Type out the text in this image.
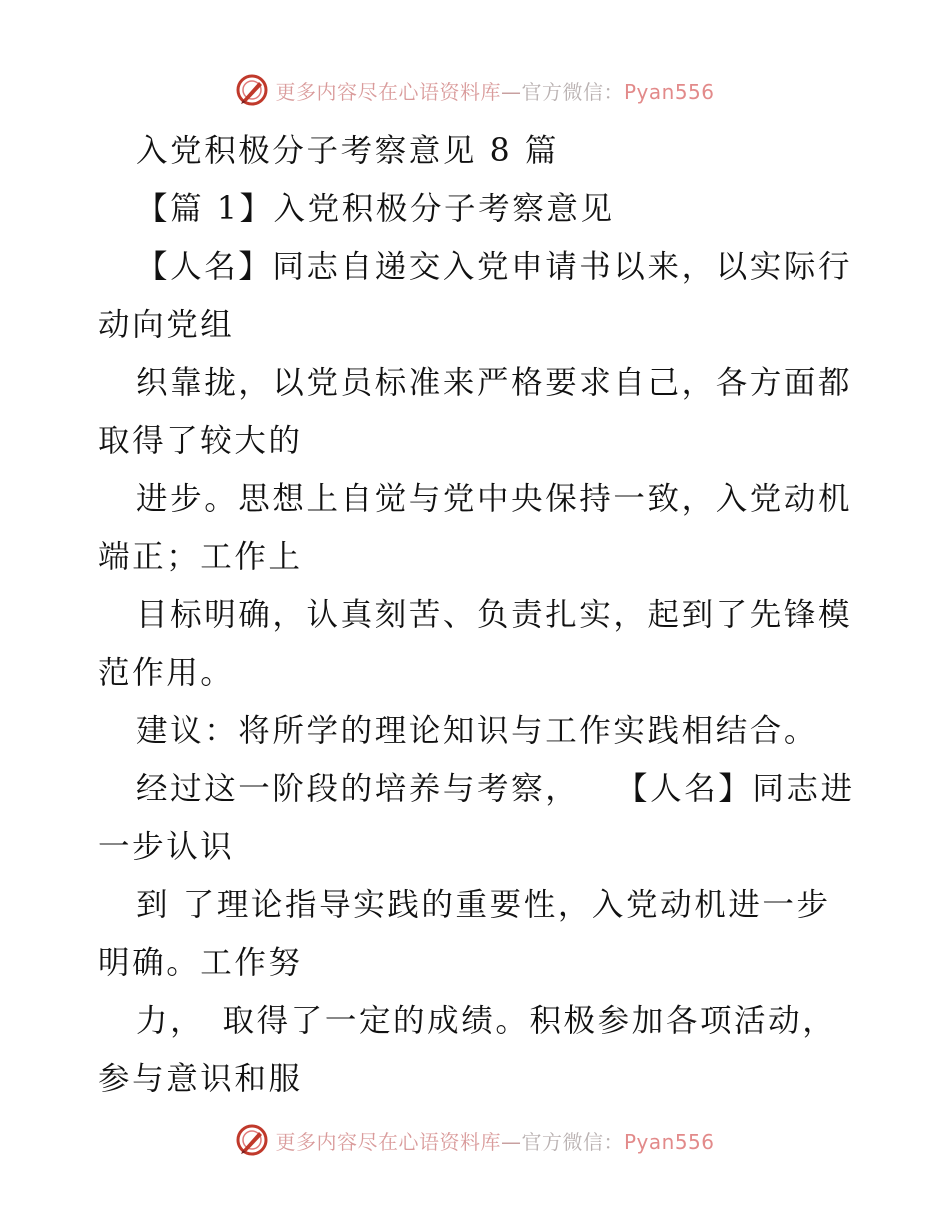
更多内容尽在心语资料库—官方微信：Pyan556
入党积极分子考察意见 8 篇
【篇 1】入党积极分子考察意见
【人名】同志自递交入党申请书以来，以实际行
动向党组
织靠拢，以党员标准来严格要求自己，各方面都
取得了较大的
进步。思想上自觉与党中央保持一致，入党动机
端正；工作上
目标明确，认真刻苦、负责扎实，起到了先锋模
范作用。
建议：将所学的理论知识与工作实践相结合。
经过这一阶段的培养与考察，　　【人名】同志进
一步认识
到 了理论指导实践的重要性，入党动机进一步
明确。工作努
力，　取得了一定的成绩。积极参加各项活动，
参与意识和服
更多内容尽在心语资料库—官方微信：Pyan556
